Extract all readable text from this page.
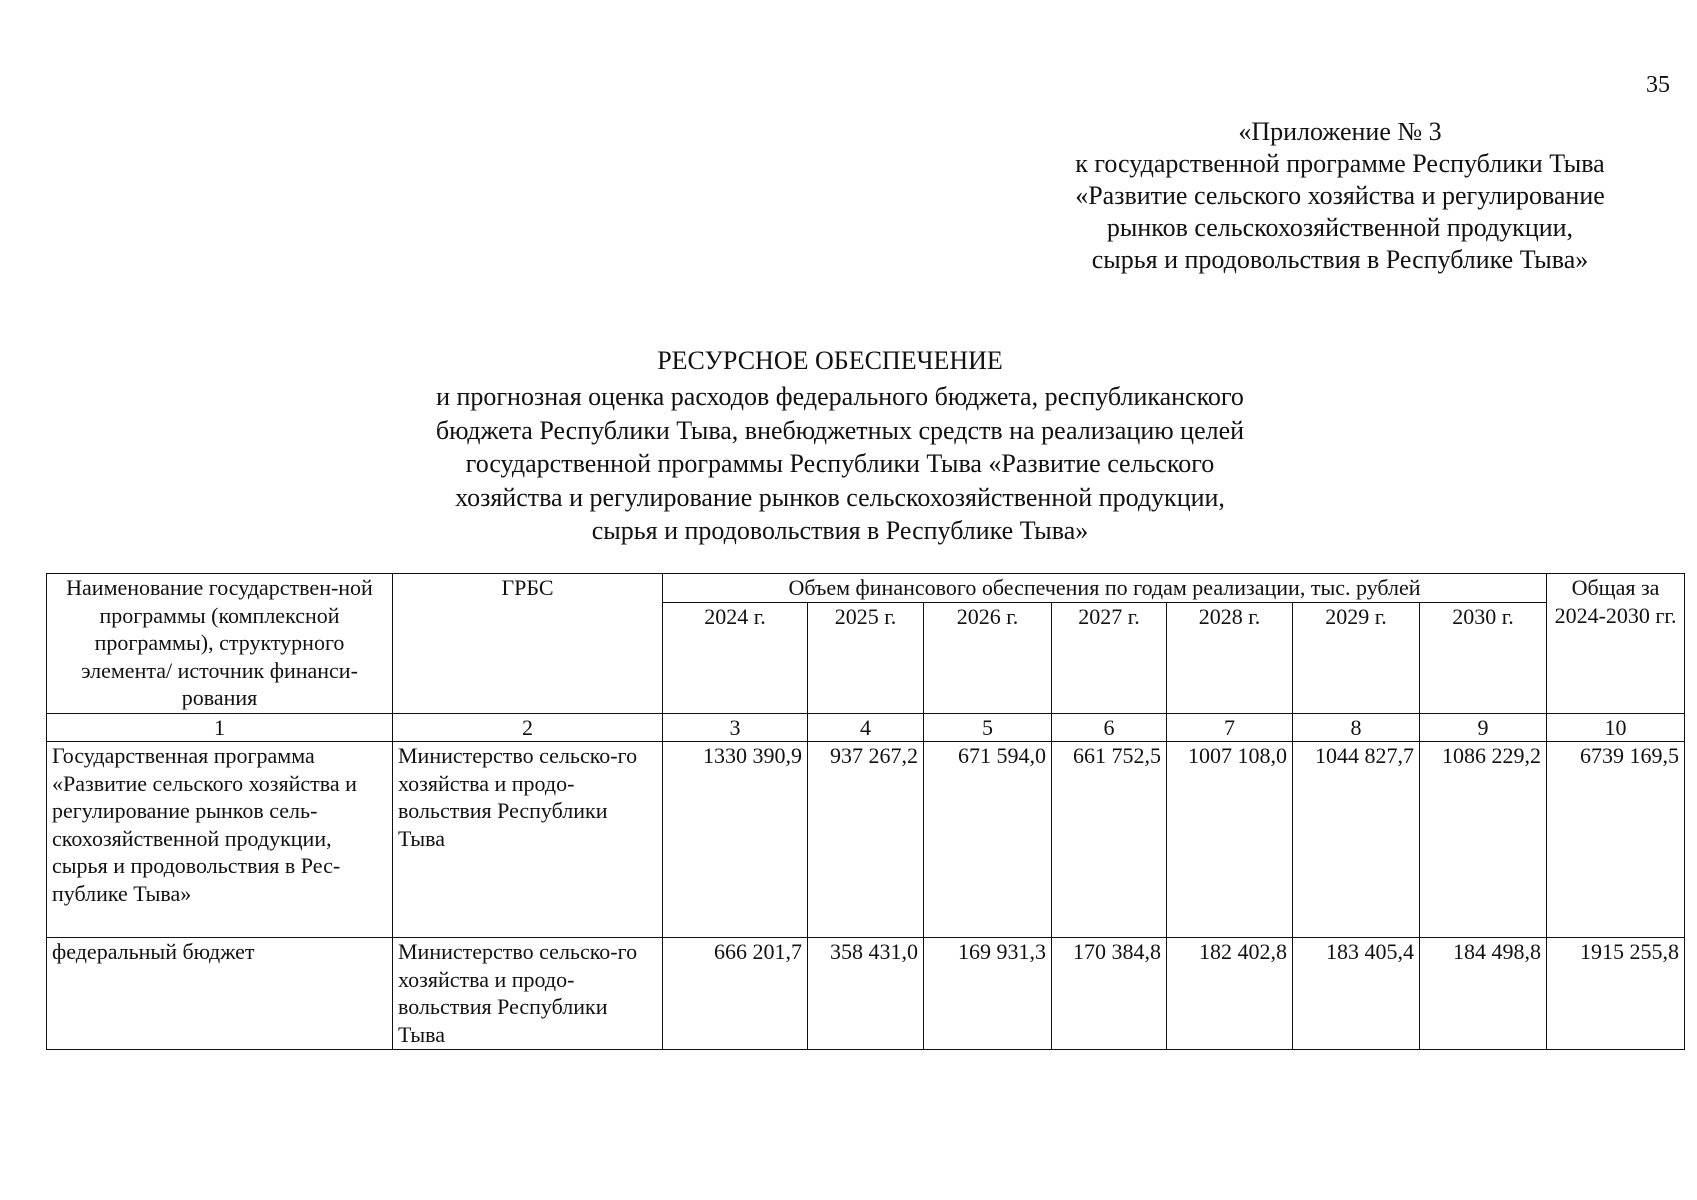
35
«Приложение № 3
к государственной программе Республики Тыва
«Развитие сельского хозяйства и регулирование
рынков сельскохозяйственной продукции,
сырья и продовольствия в Республике Тыва»
РЕСУРСНОЕ ОБЕСПЕЧЕНИЕ
и прогнозная оценка расходов федерального бюджета, республиканского
бюджета Республики Тыва, внебюджетных средств на реализацию целей
государственной программы Республики Тыва «Развитие сельского
хозяйства и регулирование рынков сельскохозяйственной продукции,
сырья и продовольствия в Республике Тыва»
Наименование государствен-ной программы (комплексной программы), структурного элемента/ источник финанси-рования	ГРБС	Объем финансового обеспечения по годам реализации, тыс. рублей							Общая за 2024-2030 гг.
		2024 г.	2025 г.	2026 г.	2027 г.	2028 г.	2029 г.	2030 г.	
1	2	3	4	5	6	7	8	9	10
Государственная программа «Развитие сельского хозяйства и регулирование рынков сель-скохозяйственной продукции, сырья и продовольствия в Рес-публике Тыва»	Министерство сельско-го хозяйства и продо-вольствия Республики Тыва	1330 390,9	937 267,2	671 594,0	661 752,5	1007 108,0	1044 827,7	1086 229,2	6739 169,5
федеральный бюджет	Министерство сельско-го хозяйства и продо-вольствия Республики Тыва	666 201,7	358 431,0	169 931,3	170 384,8	182 402,8	183 405,4	184 498,8	1915 255,8
